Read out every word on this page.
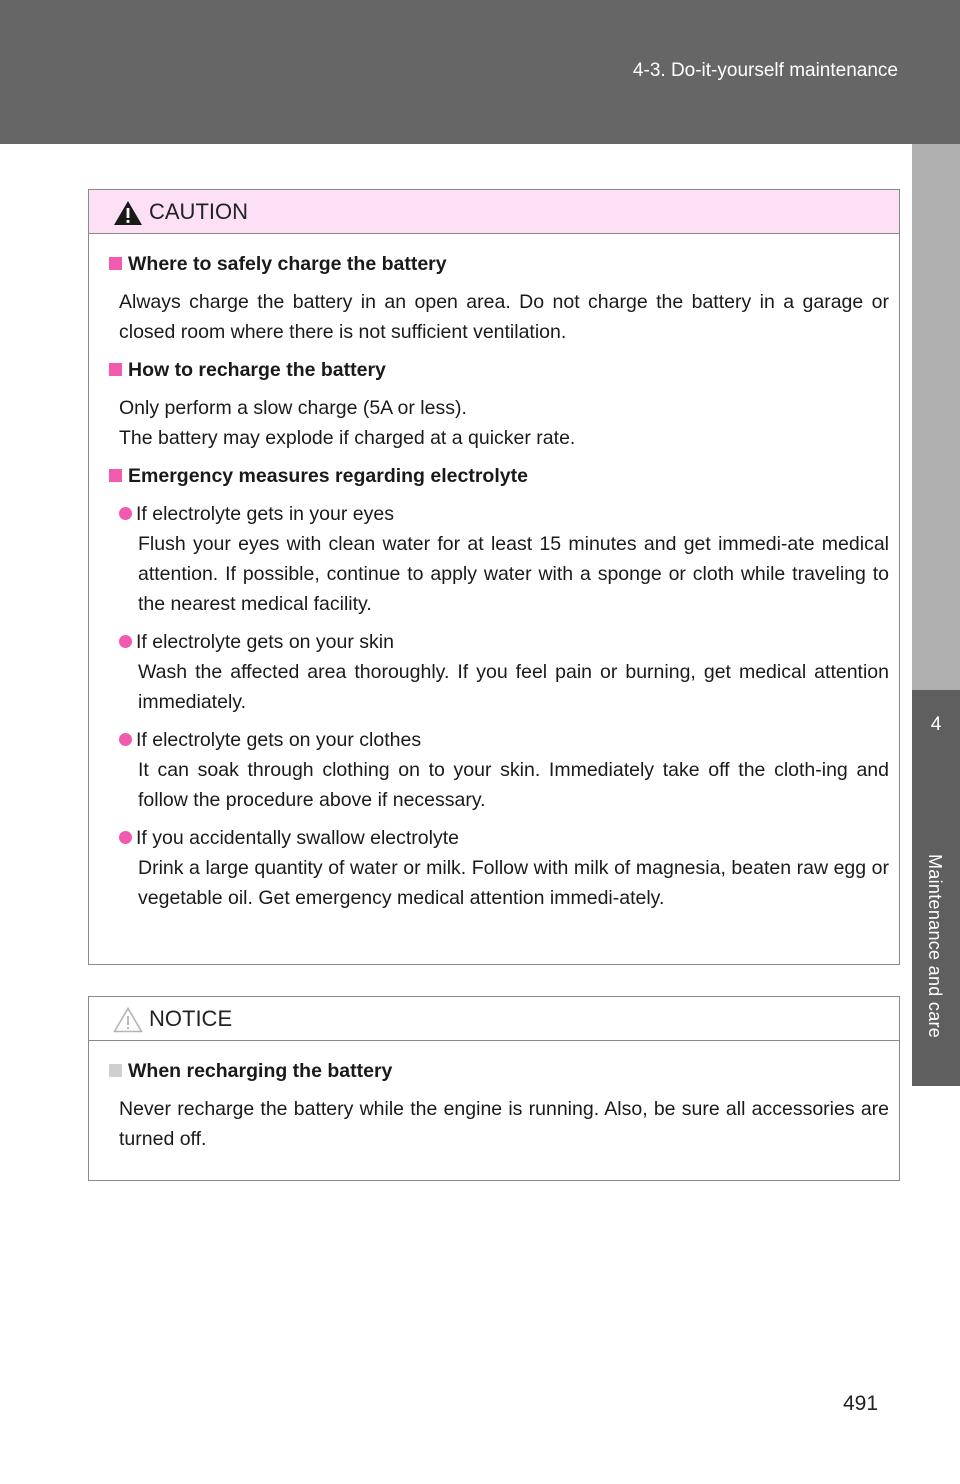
4-3. Do-it-yourself maintenance
4
Maintenance and care
CAUTION
Where to safely charge the battery
Always charge the battery in an open area. Do not charge the battery in a garage or closed room where there is not sufficient ventilation.
How to recharge the battery
Only perform a slow charge (5A or less).
The battery may explode if charged at a quicker rate.
Emergency measures regarding electrolyte
If electrolyte gets in your eyes
Flush your eyes with clean water for at least 15 minutes and get immedi-ate medical attention. If possible, continue to apply water with a sponge or cloth while traveling to the nearest medical facility.
If electrolyte gets on your skin
Wash the affected area thoroughly. If you feel pain or burning, get medical attention immediately.
If electrolyte gets on your clothes
It can soak through clothing on to your skin. Immediately take off the cloth-ing and follow the procedure above if necessary.
If you accidentally swallow electrolyte
Drink a large quantity of water or milk. Follow with milk of magnesia, beaten raw egg or vegetable oil. Get emergency medical attention immedi-ately.
NOTICE
When recharging the battery
Never recharge the battery while the engine is running. Also, be sure all accessories are turned off.
491
